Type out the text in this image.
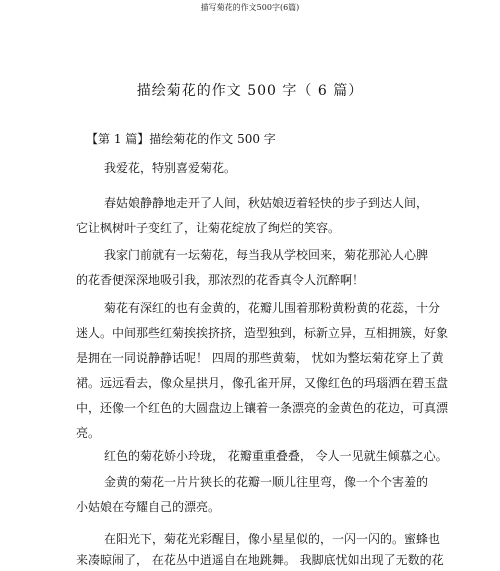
描写菊花的作文500字(6篇)
描绘菊花的作文 500 字（ 6 篇）
【第 1 篇】描绘菊花的作文 500 字
我爱花，特别喜爱菊花。
春姑娘静静地走开了人间，秋姑娘迈着轻快的步子到达人间，
它让枫树叶子变红了，让菊花绽放了绚烂的笑容。
我家门前就有一坛菊花，每当我从学校回来，菊花那沁人心脾
的花香便深深地吸引我，那浓烈的花香真令人沉醉啊！
菊花有深红的也有金黄的，花瓣儿围着那粉黄粉黄的花蕊，十分
迷人。中间那些红菊挨挨挤挤，造型独到，标新立异，互相拥簇，好象
是拥在一同说静静话呢！ 四周的那些黄菊， 忧如为整坛菊花穿上了黄
裙。远远看去，像众星拱月，像孔雀开屏，又像红色的玛瑙洒在碧玉盘
中，还像一个红色的大圆盘边上镶着一条漂亮的金黄色的花边，可真漂
亮。
红色的菊花娇小玲珑， 花瓣重重叠叠， 令人一见就生倾慕之心。
金黄的菊花一片片狭长的花瓣一顺儿往里弯，像一个个害羞的
小姑娘在夸耀自己的漂亮。
在阳光下，菊花光彩醒目，像小星星似的，一闪一闪的。蜜蜂也
来凑晾闹了， 在花丛中逍遥自在地跳舞。 我脚底忧如出现了无数的花
